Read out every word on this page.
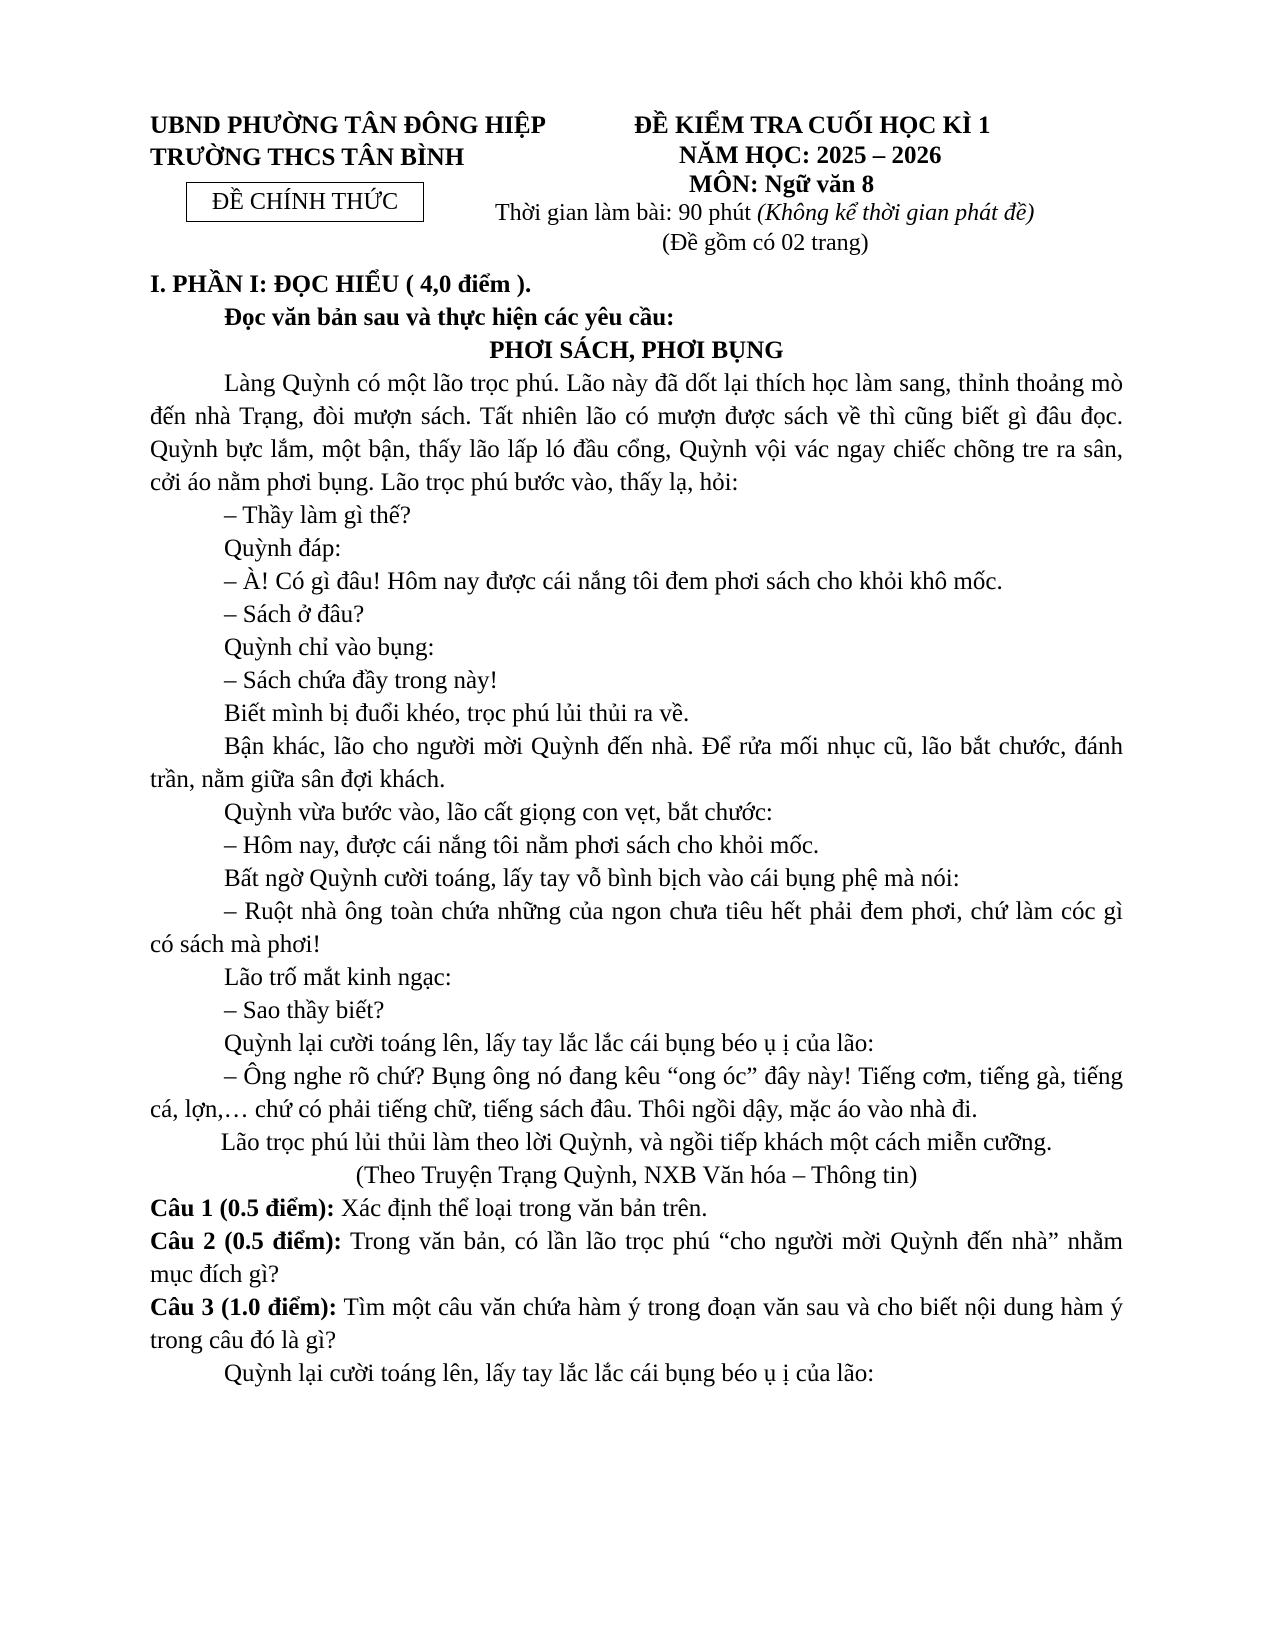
UBND PHƯỜNG TÂN ĐÔNG HIỆP
TRƯỜNG THCS TÂN BÌNH
ĐỀ CHÍNH THỨC
ĐỀ KIỂM TRA CUỐI HỌC KÌ 1
NĂM HỌC: 2025 – 2026
MÔN: Ngữ văn 8
Thời gian làm bài: 90 phút (Không kể thời gian phát đề)
(Đề gồm có 02 trang)

I. PHẦN I: ĐỌC HIỂU ( 4,0 điểm ).

Đọc văn bản sau và thực hiện các yêu cầu:

PHƠI SÁCH, PHƠI BỤNG

Làng Quỳnh có một lão trọc phú. Lão này đã dốt lại thích học làm sang, thỉnh thoảng mò đến nhà Trạng, đòi mượn sách. Tất nhiên lão có mượn được sách về thì cũng biết gì đâu đọc. Quỳnh bực lắm, một bận, thấy lão lấp ló đầu cổng, Quỳnh vội vác ngay chiếc chõng tre ra sân, cởi áo nằm phơi bụng. Lão trọc phú bước vào, thấy lạ, hỏi:

– Thầy làm gì thế?

Quỳnh đáp:

– À! Có gì đâu! Hôm nay được cái nắng tôi đem phơi sách cho khỏi khô mốc.

– Sách ở đâu?

Quỳnh chỉ vào bụng:

– Sách chứa đầy trong này!

Biết mình bị đuổi khéo, trọc phú lủi thủi ra về.

Bận khác, lão cho người mời Quỳnh đến nhà. Để rửa mối nhục cũ, lão bắt chước, đánh trần, nằm giữa sân đợi khách.

Quỳnh vừa bước vào, lão cất giọng con vẹt, bắt chước:

– Hôm nay, được cái nắng tôi nằm phơi sách cho khỏi mốc.

Bất ngờ Quỳnh cười toáng, lấy tay vỗ bình bịch vào cái bụng phệ mà nói:

– Ruột nhà ông toàn chứa những của ngon chưa tiêu hết phải đem phơi, chứ làm cóc gì có sách mà phơi!

Lão trố mắt kinh ngạc:

– Sao thầy biết?

Quỳnh lại cười toáng lên, lấy tay lắc lắc cái bụng béo ụ ị của lão:

– Ông nghe rõ chứ? Bụng ông nó đang kêu “ong óc” đây này! Tiếng cơm, tiếng gà, tiếng cá, lợn,… chứ có phải tiếng chữ, tiếng sách đâu. Thôi ngồi dậy, mặc áo vào nhà đi.

Lão trọc phú lủi thủi làm theo lời Quỳnh, và ngồi tiếp khách một cách miễn cưỡng.

(Theo Truyện Trạng Quỳnh, NXB Văn hóa – Thông tin)

Câu 1 (0.5 điểm): Xác định thể loại trong văn bản trên.

Câu 2 (0.5 điểm): Trong văn bản, có lần lão trọc phú “cho người mời Quỳnh đến nhà” nhằm mục đích gì?

Câu 3 (1.0 điểm): Tìm một câu văn chứa hàm ý trong đoạn văn sau và cho biết nội dung hàm ý trong câu đó là gì?

Quỳnh lại cười toáng lên, lấy tay lắc lắc cái bụng béo ụ ị của lão:
